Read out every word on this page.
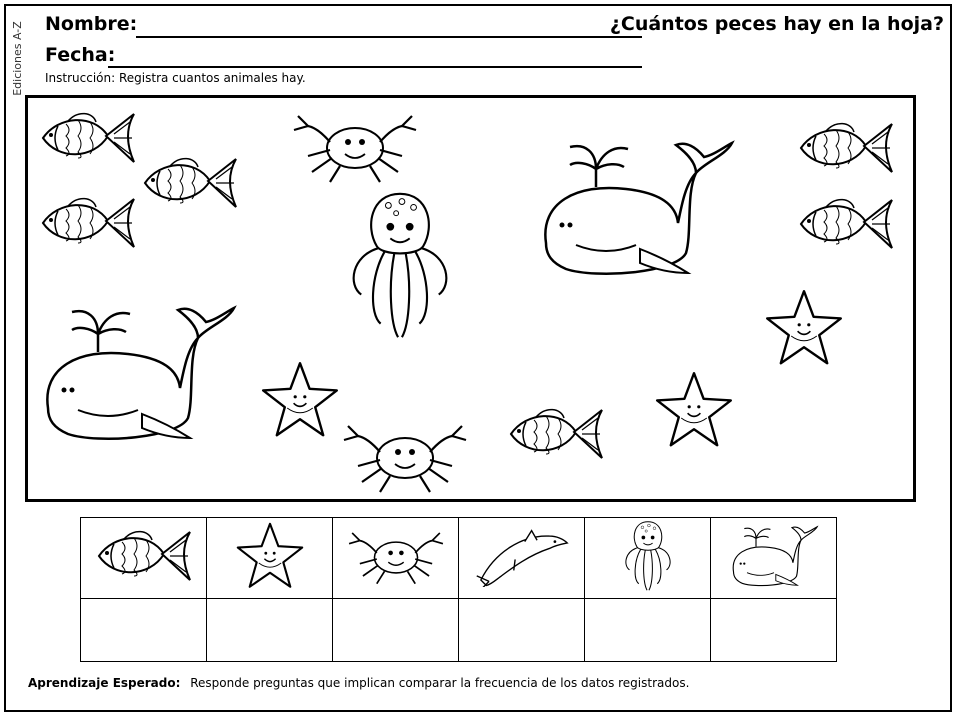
Ediciones A-Z Nombre:	¿Cuántos peces hay en la hoja?
Fecha:
Instrucción: Registra cuantos animales hay.

Aprendizaje Esperado: Responde preguntas que implican comparar la frecuencia de los datos registrados.
